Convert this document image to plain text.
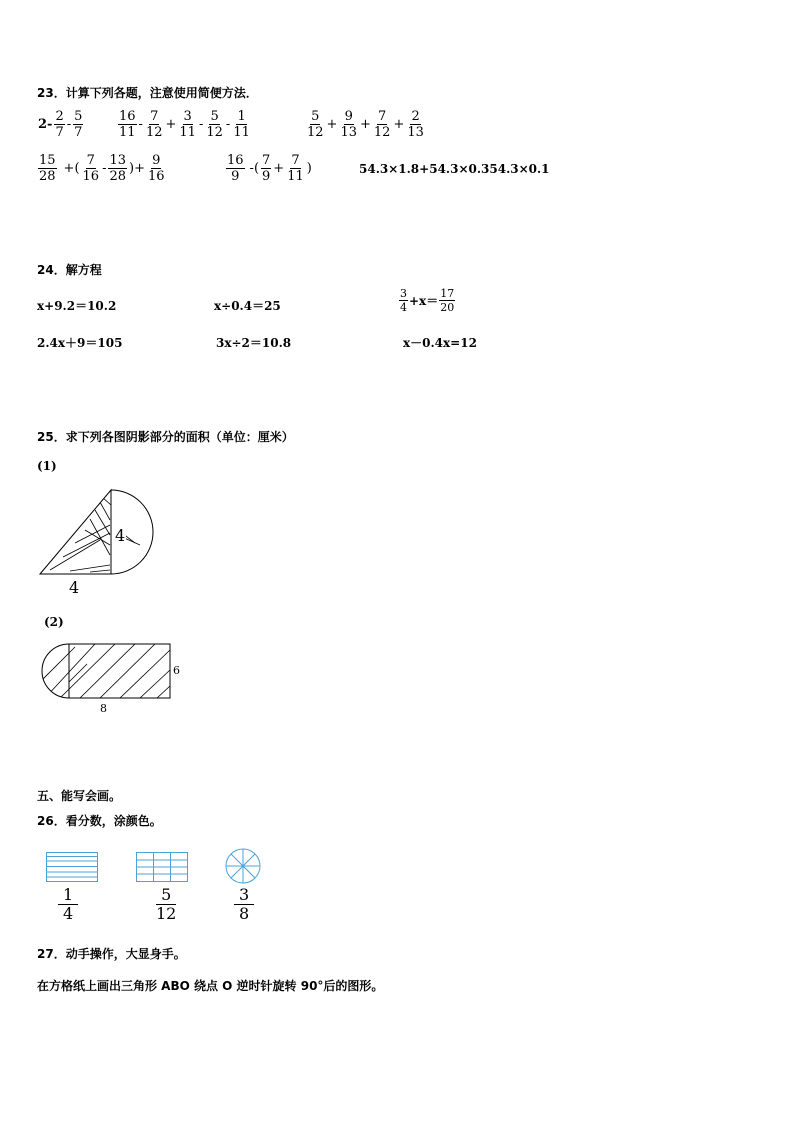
23．计算下列各题，注意使用简便方法．
$2- \frac{2}{7} - \frac{5}{7}$	$\frac{16}{11} - \frac{7}{12} + \frac{3}{11} - \frac{5}{12} - \frac{1}{11}$	$\frac{5}{12} + \frac{9}{13} + \frac{7}{12} + \frac{2}{13}$
$\frac{15}{28}$ +( $\frac{7}{16} - \frac{13}{28}$ )+ $\frac{9}{16}$	$\frac{16}{9}$ -( $\frac{7}{9} + \frac{7}{11}$ )	54.3×1.8+54.3×0.354.3×0.1
24．解方程
x+9.2＝10.2	x÷0.4＝25	$\frac{3}{4} +x= \frac{17}{20}$
2.4x＋9＝105	3x÷2＝10.8	x－0.4x=12
25．求下列各图阴影部分的面积（单位：厘米）
(1)
4
4
(2)
6
8
五、能写会画。
26．看分数，涂颜色。
$\frac{1}{4}$	$\frac{5}{12}$	$\frac{3}{8}$
27．动手操作，大显身手。
在方格纸上画出三角形 ABO 绕点 O 逆时针旋转 90°后的图形。
